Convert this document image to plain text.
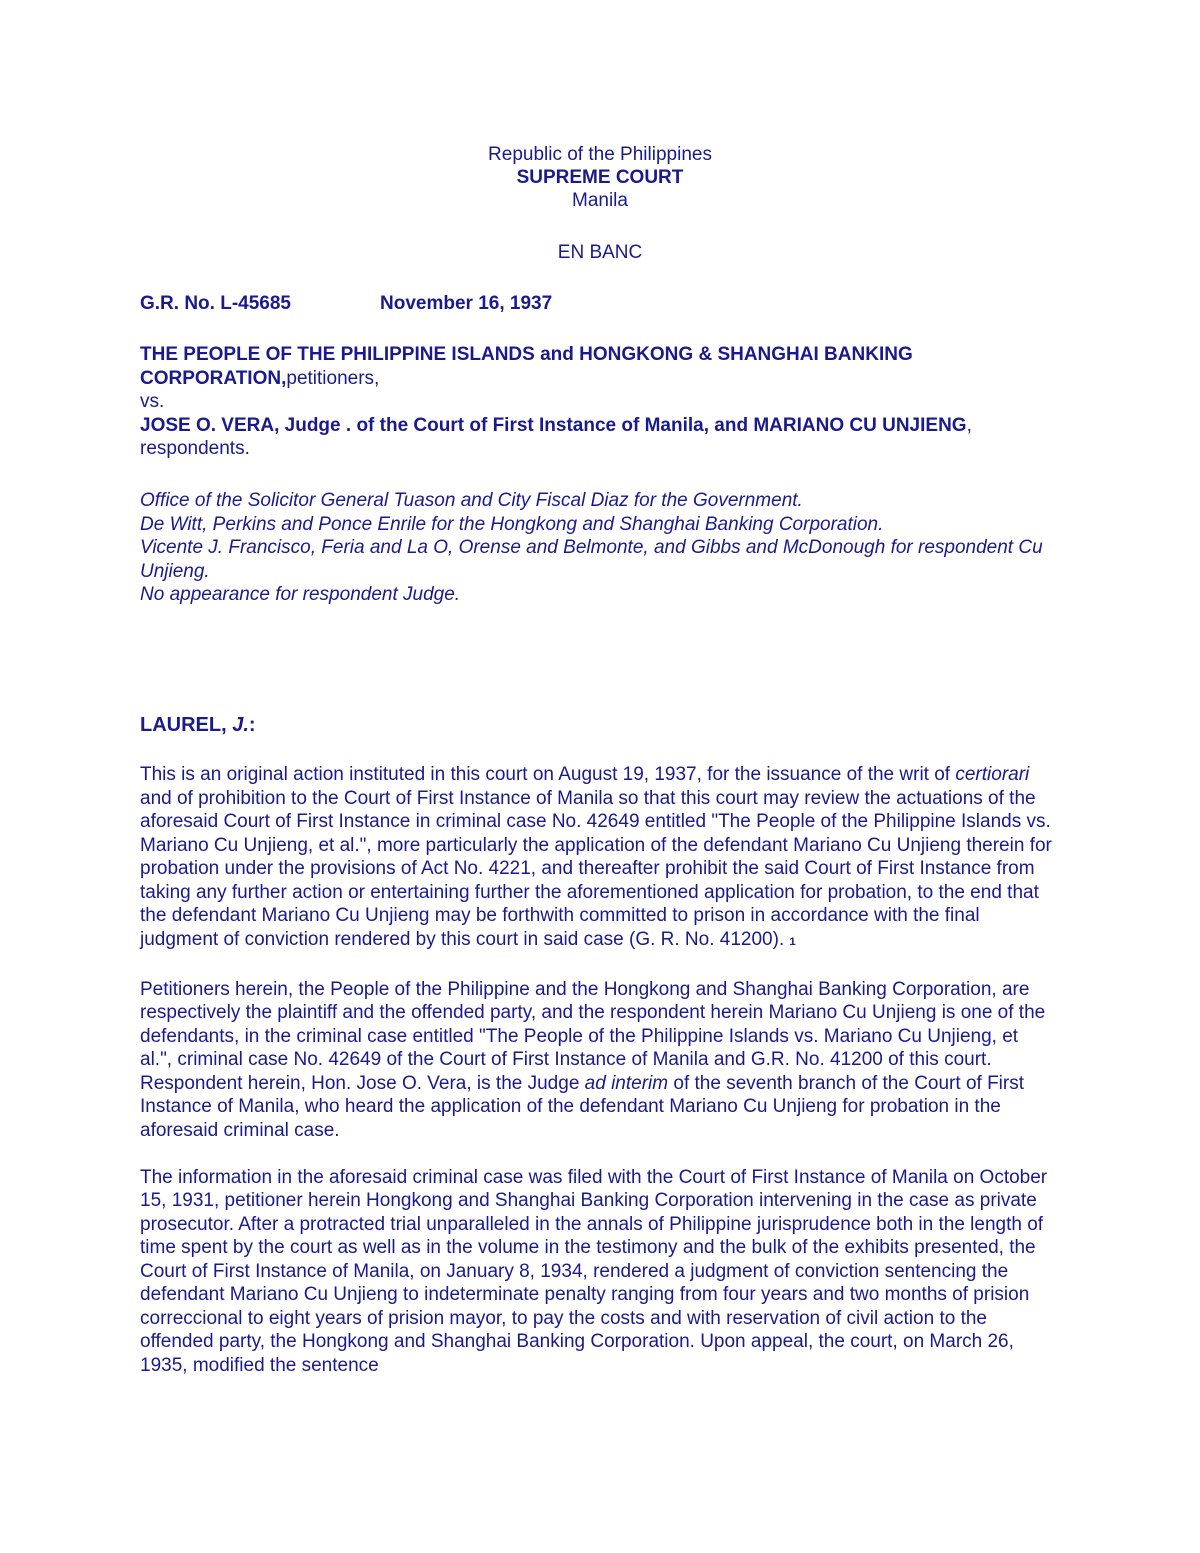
Republic of the Philippines
SUPREME COURT
Manila
EN BANC
G.R. No. L-45685	November 16, 1937
THE PEOPLE OF THE PHILIPPINE ISLANDS and HONGKONG & SHANGHAI BANKING CORPORATION,petitioners,
vs.
JOSE O. VERA, Judge . of the Court of First Instance of Manila, and MARIANO CU UNJIENG, respondents.
Office of the Solicitor General Tuason and City Fiscal Diaz for the Government.
De Witt, Perkins and Ponce Enrile for the Hongkong and Shanghai Banking Corporation.
Vicente J. Francisco, Feria and La O, Orense and Belmonte, and Gibbs and McDonough for respondent Cu Unjieng.
No appearance for respondent Judge.
LAUREL, J.:

This is an original action instituted in this court on August 19, 1937, for the issuance of the writ of certiorari and of prohibition to the Court of First Instance of Manila so that this court may review the actuations of the aforesaid Court of First Instance in criminal case No. 42649 entitled "The People of the Philippine Islands vs. Mariano Cu Unjieng, et al.", more particularly the application of the defendant Mariano Cu Unjieng therein for probation under the provisions of Act No. 4221, and thereafter prohibit the said Court of First Instance from taking any further action or entertaining further the aforementioned application for probation, to the end that the defendant Mariano Cu Unjieng may be forthwith committed to prison in accordance with the final judgment of conviction rendered by this court in said case (G. R. No. 41200). 1

Petitioners herein, the People of the Philippine and the Hongkong and Shanghai Banking Corporation, are respectively the plaintiff and the offended party, and the respondent herein Mariano Cu Unjieng is one of the defendants, in the criminal case entitled "The People of the Philippine Islands vs. Mariano Cu Unjieng, et al.", criminal case No. 42649 of the Court of First Instance of Manila and G.R. No. 41200 of this court. Respondent herein, Hon. Jose O. Vera, is the Judge ad interim of the seventh branch of the Court of First Instance of Manila, who heard the application of the defendant Mariano Cu Unjieng for probation in the aforesaid criminal case.

The information in the aforesaid criminal case was filed with the Court of First Instance of Manila on October 15, 1931, petitioner herein Hongkong and Shanghai Banking Corporation intervening in the case as private prosecutor. After a protracted trial unparalleled in the annals of Philippine jurisprudence both in the length of time spent by the court as well as in the volume in the testimony and the bulk of the exhibits presented, the Court of First Instance of Manila, on January 8, 1934, rendered a judgment of conviction sentencing the defendant Mariano Cu Unjieng to indeterminate penalty ranging from four years and two months of prision correccional to eight years of prision mayor, to pay the costs and with reservation of civil action to the offended party, the Hongkong and Shanghai Banking Corporation. Upon appeal, the court, on March 26, 1935, modified the sentence
